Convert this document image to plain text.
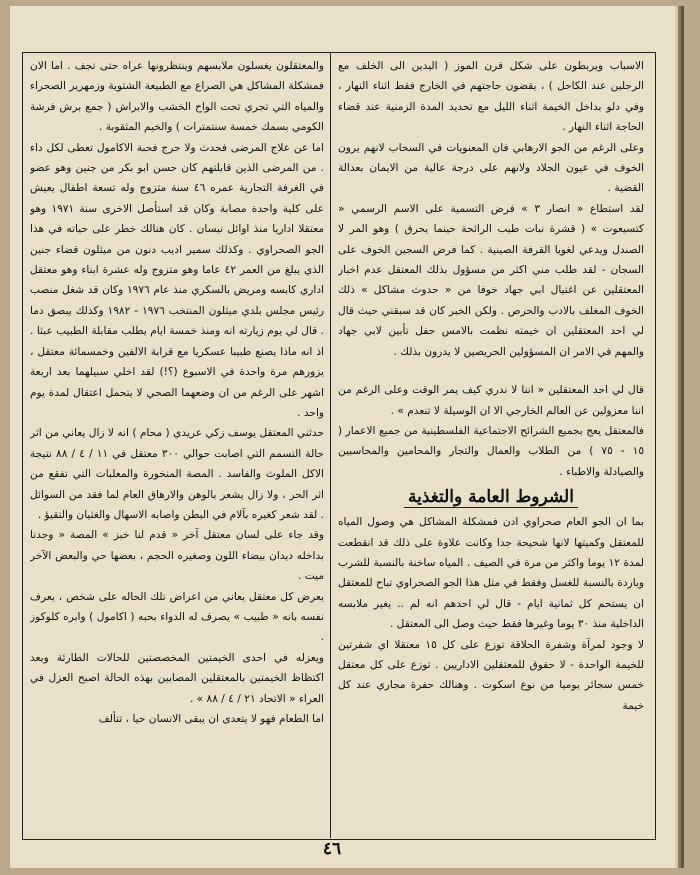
الاسباب ويربطون على شكل قرن الموز ( اليدين الى الخلف مع الرجلين عند الكاحل ) ، يقضون حاجتهم في الخارج فقط اثناء النهار ، وفي دلو بداخل الخيمة اثناء الليل مع تحديد المدة الزمنية عند قضاء الحاجة اثناء النهار .

وعلى الرغم من الجو الارهابي فان المعنويات في السحاب لانهم يرون الخوف في عيون الجلاد ولانهم على درجة عالية من الايمان بعدالة القضية .

لقد استطاع « انصار ٣ » فرض التسمية على الاسم الرسمي « كتسيعوت » ( قشرة نبات طيب الرائحة حينما يحرق ) وهو المر لا الصندل ويدعي لغويا القرفة الصينية . كما فرض السجين الخوف على السجان - لقد طلب مني اكثر من مسؤول بذلك المعتقل عدم اخبار المعتقلين عن اغتيال ابي جهاد خوفا من « حدوث مشاكل » ذلك الخوف المغلف بالادب والحرص . ولكن الخبر كان قد سبقني حيث قال لي احد المعتقلين ان خيمته نظمت بالامس حفل تأبين لابي جهاد والمهم في الامر ان المسؤولين الحريصين لا يدرون بذلك .

قال لي احد المعتقلين « اننا لا ندري كيف يمر الوقت وعلى الرغم من اننا معزولين عن العالم الخارجي الا ان الوسيلة لا تنعدم » .

فالمعتقل يعج بجميع الشرائح الاجتماعية الفلسطينية من جميع الاعمار ( ١٥ - ٧٥ ) من الطلاب والعمال والتجار والمحامين والمحاسبين والصيادلة والاطباء .

الشروط العامة والتغذية

بما ان الجو العام صحراوي ادن فمشكلة المشاكل هي وصول المياه للمعتقل وكميتها لانها شحيحة جدا وكانت علاوة على ذلك قد انقطعت لمدة ١٢ يوما واكثر من مرة في الصيف . المياه ساخنة بالنسبة للشرب وباردة بالنسبة للغسل وفقط في مثل هذا الجو الصحراوي تباح للمعتقل ان يستحم كل ثمانية ايام - قال لي احدهم انه لم .. يغير ملابسه الداخلية منذ ٣٠ يوما وغيرها فقط حيث وصل الى المعتقل .

لا وجود لمرآة وشفرة الحلاقة توزع على كل ١٥ معتقلا اي شفرتين للخيمة الواحدة - لا حقوق للمعتقلين الاداريين . توزع على كل معتقل خمس سجائر يوميا من نوع اسكوت . وهنالك حفرة مجاري عند كل خيمة

والمعتقلون يغسلون ملابسهم وينتظرونها عراه حتى تجف . اما الان فمشكلة المشاكل هي الصراع مع الطبيعة الشتوية وزمهرير الصحراء والمياه التي تجري تحت الواح الخشب والابراش ( جمع برش فرشة الكومي بسمك خمسة سنتمترات ) والخيم المثقوبة .

اما عن علاج المرضى فحدث ولا حرج فحبة الاكامول تعطى لكل داء . من المرضى الذين قابلتهم كان حسن ابو بكر من جنين وهو عضو في الغرفة التجارية عمره ٤٦ سنة متزوج وله تسعة اطفال يعيش على كلية واحدة مصابة وكان قد استأصل الاخرى سنة ١٩٧١ وهو معتقلا اداريا منذ اوائل نيسان . كان هنالك خطر على حياته في هذا الجو الصحراوي . وكذلك سمير اديب دنون من ميثلون قضاء جنين الذي يبلغ من العمر ٤٢ عاما وهو متزوج وله عشرة ابناء وهو معتقل اداري كابسه ومريض بالسكري منذ عام ١٩٧٦ وكان قد شغل منصب رئيس مجلس بلدي ميثلون المنتخب ١٩٧٦ - ١٩٨٢ وكذلك يبصق دما . قال لي يوم زيارته انه ومنذ خمسة ايام يطلب مقابلة الطبيب عبثا . اذ انه ماذا يصنع طبيبا عسكريا مع قرابة الالفين وخمسمائة معتقل ، يزورهم مرة واحدة في الاسبوع (؟!) لقد اخلي سبيلهما بعد اربعة اشهر على الرغم من ان وضعهما الصحي لا يتحمل اعتقال لمدة يوم واحد .

حدثني المعتقل يوسف زكي عريدي ( محام ) انه لا زال يعاني من اثر حالة التسمم التي اصابت حوالي ٣٠٠ معتقل في ١١ / ٤ / ٨٨ نتيجة الاكل الملوث والفاسد . المصة المنخورة والمعلبات التي تفقع من اثر الحر ، ولا زال يشعر بالوهن والارهاق العام لما فقد من السوائل . لقد شعر كغيره بآلام في البطن واصابه الاسهال والغثيان والتقيؤ .

وقد جاء على لسان معتقل آخر « قدم لنا خبز » المصة « وجدنا بداخله ديدان بيضاء اللون وصغيره الحجم ، بعضها حي والبعض الآخر ميت .

يعرض كل معتقل يعاني من اعراض تلك الحاله على شخص ، يعرف نفسه بانه « طبيب » يصرف له الدواء بحبه ( اكامول ) وابره كلوكوز .

ويعزله في احدى الخيمتين المخصصتين للحالات الطارئة وبعد اكتظاظ الخيمتين بالمعتقلين المصابين بهذه الحالة اصبح العزل في العراء « الاتحاد ٢١ / ٤ / ٨٨ » .

اما الطعام فهو لا يتعدى ان يبقى الانسان حيا ، تتألف

٤٦
